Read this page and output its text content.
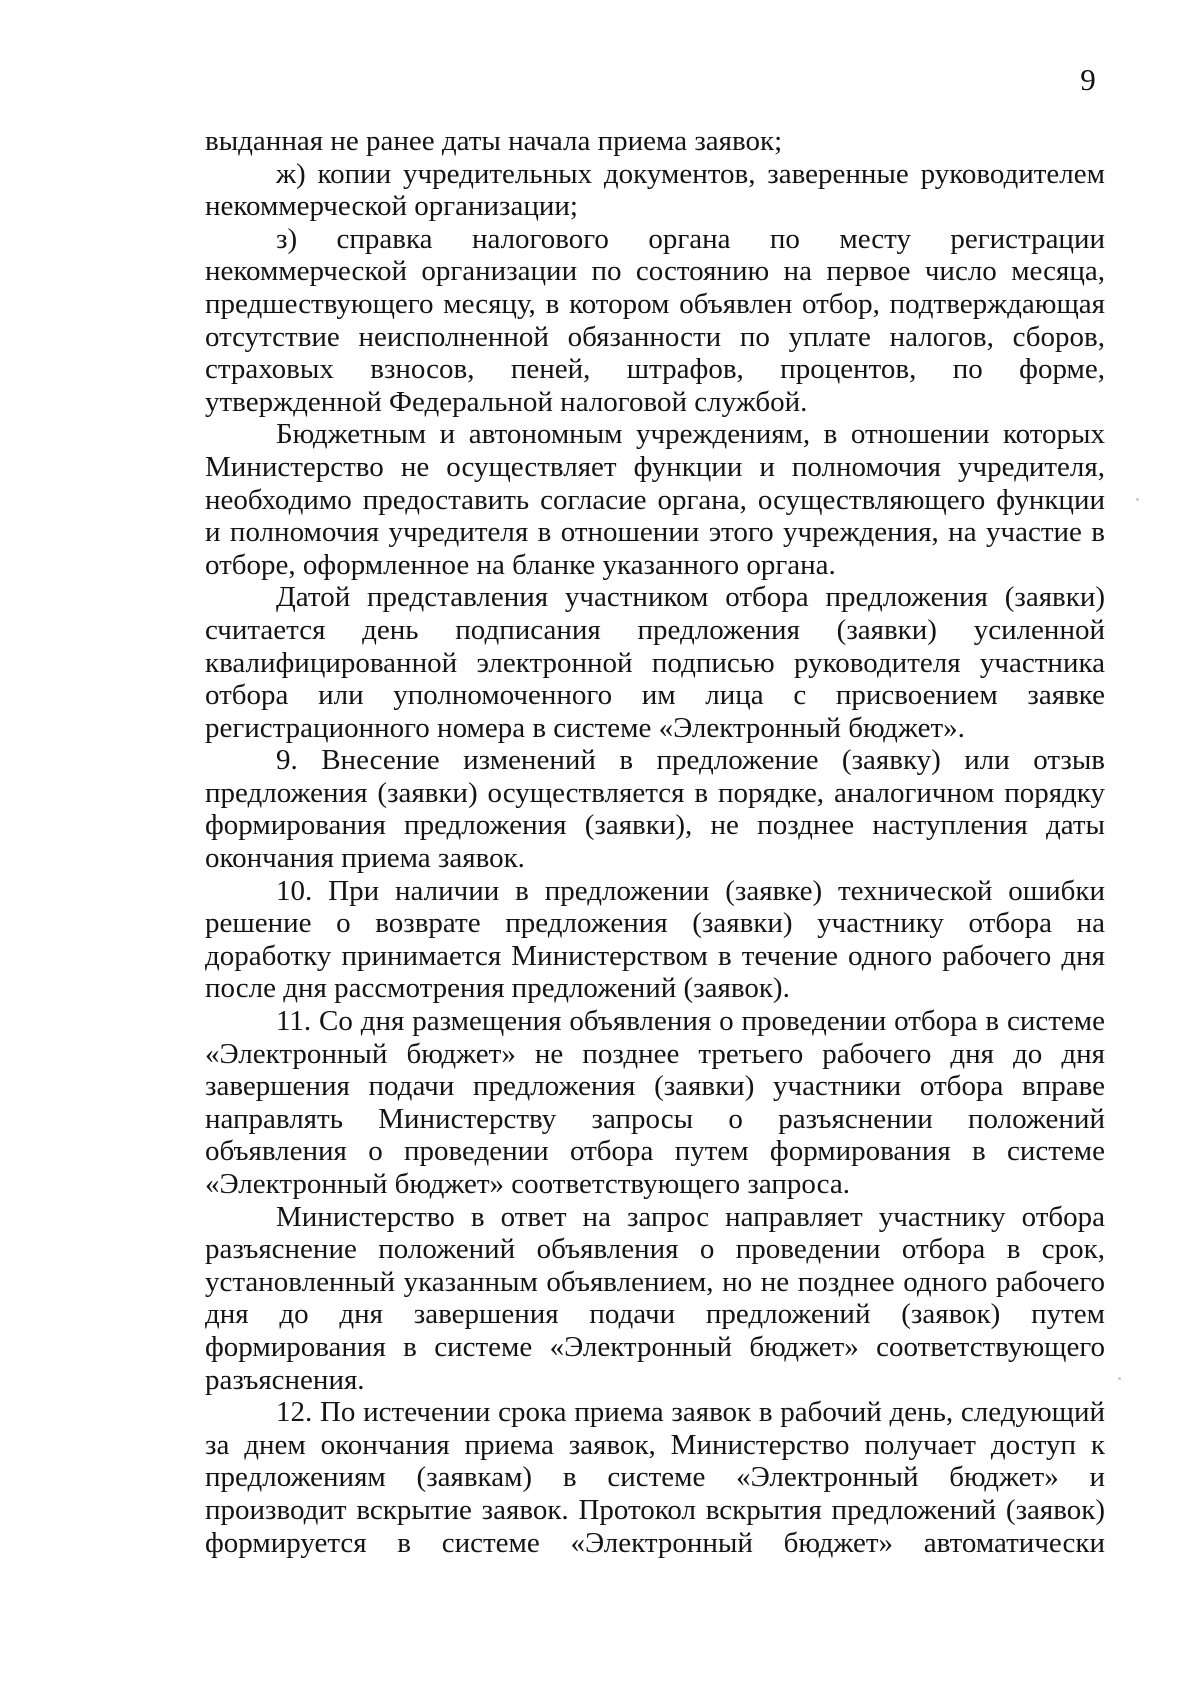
9

выданная не ранее даты начала приема заявок;

ж) копии учредительных документов, заверенные руководителем некоммерческой организации;

з) справка налогового органа по месту регистрации некоммерческой организации по состоянию на первое число месяца, предшествующего месяцу, в котором объявлен отбор, подтверждающая отсутствие неисполненной обязанности по уплате налогов, сборов, страховых взносов, пеней, штрафов, процентов, по форме, утвержденной Федеральной налоговой службой.

Бюджетным и автономным учреждениям, в отношении которых Министерство не осуществляет функции и полномочия учредителя, необходимо предоставить согласие органа, осуществляющего функции и полномочия учредителя в отношении этого учреждения, на участие в отборе, оформленное на бланке указанного органа.

Датой представления участником отбора предложения (заявки) считается день подписания предложения (заявки) усиленной квалифицированной электронной подписью руководителя участника отбора или уполномоченного им лица с присвоением заявке регистрационного номера в системе «Электронный бюджет».

9. Внесение изменений в предложение (заявку) или отзыв предложения (заявки) осуществляется в порядке, аналогичном порядку формирования предложения (заявки), не позднее наступления даты окончания приема заявок.

10. При наличии в предложении (заявке) технической ошибки решение о возврате предложения (заявки) участнику отбора на доработку принимается Министерством в течение одного рабочего дня после дня рассмотрения предложений (заявок).

11. Со дня размещения объявления о проведении отбора в системе «Электронный бюджет» не позднее третьего рабочего дня до дня завершения подачи предложения (заявки) участники отбора вправе направлять Министерству запросы о разъяснении положений объявления о проведении отбора путем формирования в системе «Электронный бюджет» соответствующего запроса.

Министерство в ответ на запрос направляет участнику отбора разъяснение положений объявления о проведении отбора в срок, установленный указанным объявлением, но не позднее одного рабочего дня до дня завершения подачи предложений (заявок) путем формирования в системе «Электронный бюджет» соответствующего разъяснения.

12. По истечении срока приема заявок в рабочий день, следующий за днем окончания приема заявок, Министерство получает доступ к предложениям (заявкам) в системе «Электронный бюджет» и производит вскрытие заявок. Протокол вскрытия предложений (заявок) формируется в системе «Электронный бюджет» автоматически
